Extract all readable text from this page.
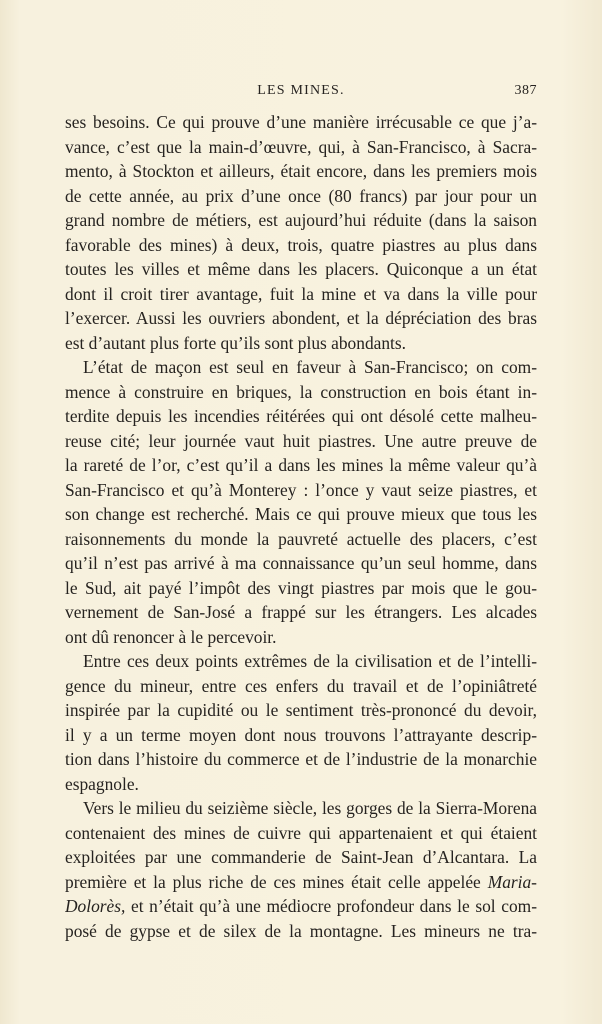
LES MINES.	387
ses besoins. Ce qui prouve d’une manière irrécusable ce que j’a-
vance, c’est que la main-d’œuvre, qui, à San-Francisco, à Sacra-
mento, à Stockton et ailleurs, était encore, dans les premiers mois
de cette année, au prix d’une once (80 francs) par jour pour un
grand nombre de métiers, est aujourd’hui réduite (dans la saison
favorable des mines) à deux, trois, quatre piastres au plus dans
toutes les villes et même dans les placers. Quiconque a un état
dont il croit tirer avantage, fuit la mine et va dans la ville pour
l’exercer. Aussi les ouvriers abondent, et la dépréciation des bras
est d’autant plus forte qu’ils sont plus abondants.
L’état de maçon est seul en faveur à San-Francisco; on com-
mence à construire en briques, la construction en bois étant in-
terdite depuis les incendies réitérées qui ont désolé cette malheu-
reuse cité; leur journée vaut huit piastres. Une autre preuve de
la rareté de l’or, c’est qu’il a dans les mines la même valeur qu’à
San-Francisco et qu’à Monterey : l’once y vaut seize piastres, et
son change est recherché. Mais ce qui prouve mieux que tous les
raisonnements du monde la pauvreté actuelle des placers, c’est
qu’il n’est pas arrivé à ma connaissance qu’un seul homme, dans
le Sud, ait payé l’impôt des vingt piastres par mois que le gou-
vernement de San-José a frappé sur les étrangers. Les alcades
ont dû renoncer à le percevoir.
Entre ces deux points extrêmes de la civilisation et de l’intelli-
gence du mineur, entre ces enfers du travail et de l’opiniâtreté
inspirée par la cupidité ou le sentiment très-prononcé du devoir,
il y a un terme moyen dont nous trouvons l’attrayante descrip-
tion dans l’histoire du commerce et de l’industrie de la monarchie
espagnole.
Vers le milieu du seizième siècle, les gorges de la Sierra-Morena
contenaient des mines de cuivre qui appartenaient et qui étaient
exploitées par une commanderie de Saint-Jean d’Alcantara. La
première et la plus riche de ces mines était celle appelée Maria-
Dolorès, et n’était qu’à une médiocre profondeur dans le sol com-
posé de gypse et de silex de la montagne. Les mineurs ne tra-
